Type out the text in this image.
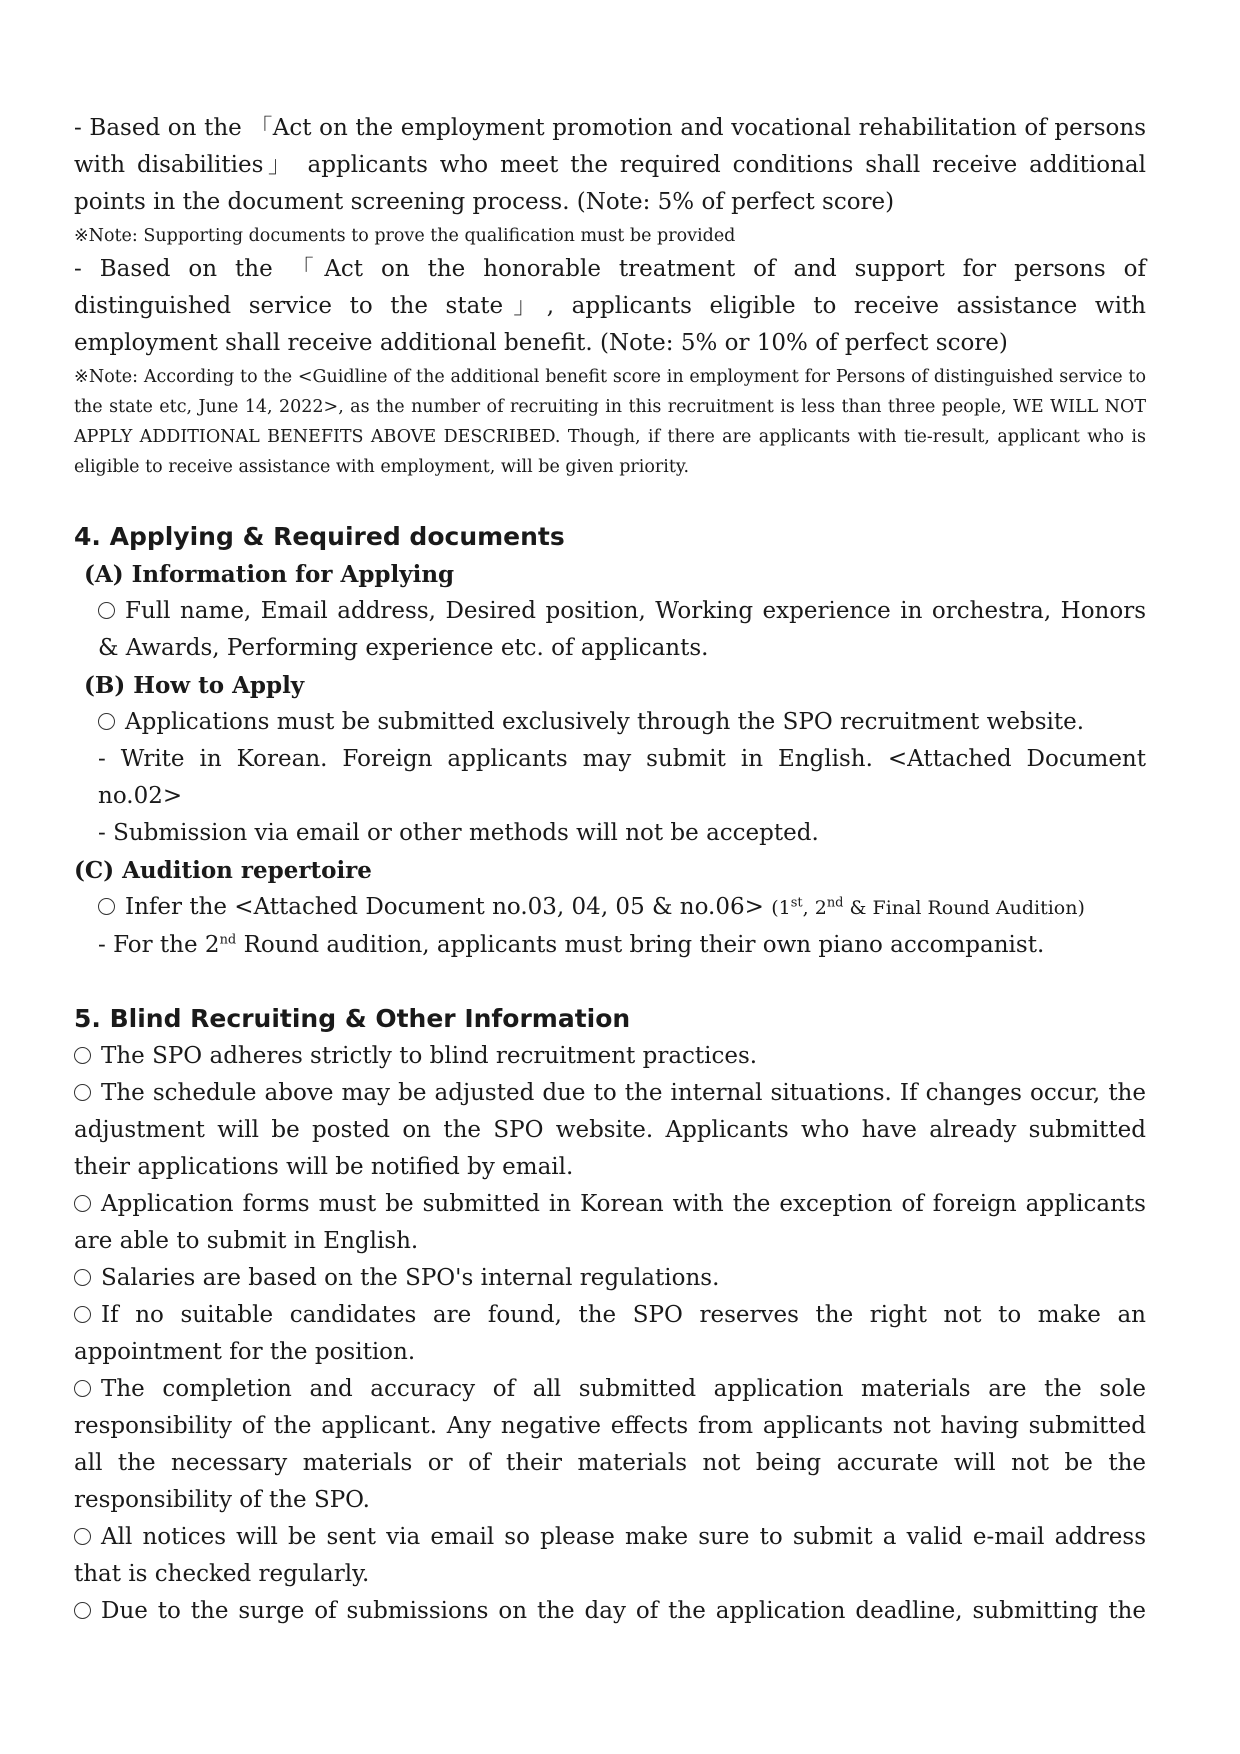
- Based on the 「Act on the employment promotion and vocational rehabilitation of persons with disabilities」 applicants who meet the required conditions shall receive additional points in the document screening process. (Note: 5% of perfect score)

※Note: Supporting documents to prove the qualification must be provided

- Based on the 「Act on the honorable treatment of and support for persons of distinguished service to the state」, applicants eligible to receive assistance with employment shall receive additional benefit. (Note: 5% or 10% of perfect score)

※Note: According to the <Guidline of the additional benefit score in employment for Persons of distinguished service to the state etc, June 14, 2022>, as the number of recruiting in this recruitment is less than three people, WE WILL NOT APPLY ADDITIONAL BENEFITS ABOVE DESCRIBED. Though, if there are applicants with tie-result, applicant who is eligible to receive assistance with employment, will be given priority.

4. Applying & Required documents

(A) Information for Applying

Full name, Email address, Desired position, Working experience in orchestra, Honors & Awards, Performing experience etc. of applicants.

(B) How to Apply

Applications must be submitted exclusively through the SPO recruitment website.

- Write in Korean. Foreign applicants may submit in English. <Attached Document no.02>

- Submission via email or other methods will not be accepted.

(C) Audition repertoire

Infer the <Attached Document no.03, 04, 05 & no.06> (1st, 2nd & Final Round Audition)

- For the 2nd Round audition, applicants must bring their own piano accompanist.

5. Blind Recruiting & Other Information

The SPO adheres strictly to blind recruitment practices.

The schedule above may be adjusted due to the internal situations. If changes occur, the adjustment will be posted on the SPO website. Applicants who have already submitted their applications will be notified by email.

Application forms must be submitted in Korean with the exception of foreign applicants are able to submit in English.

Salaries are based on the SPO's internal regulations.

If no suitable candidates are found, the SPO reserves the right not to make an appointment for the position.

The completion and accuracy of all submitted application materials are the sole responsibility of the applicant. Any negative effects from applicants not having submitted all the necessary materials or of their materials not being accurate will not be the responsibility of the SPO.

All notices will be sent via email so please make sure to submit a valid e-mail address that is checked regularly.

Due to the surge of submissions on the day of the application deadline, submitting the
